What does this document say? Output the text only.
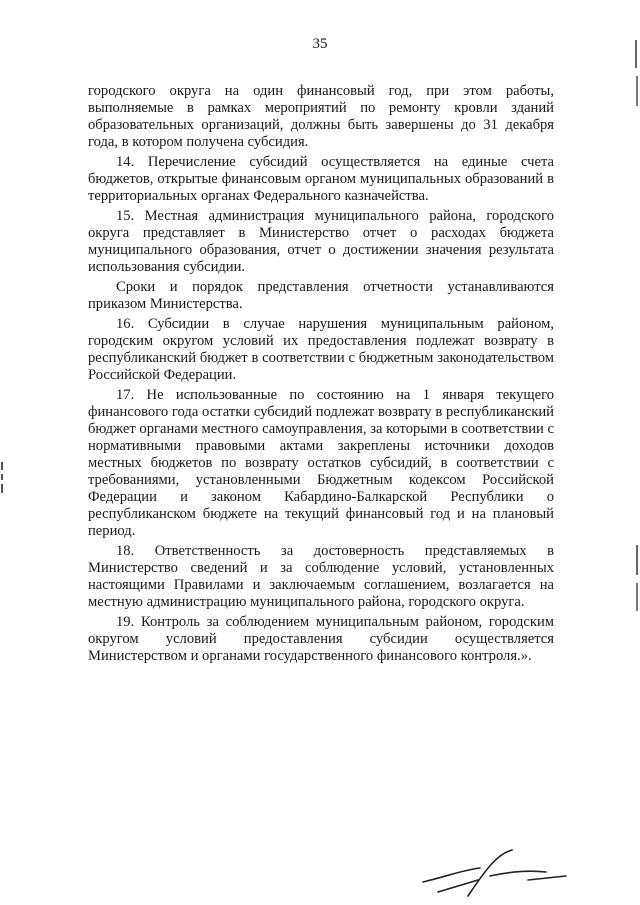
35

городского округа на один финансовый год, при этом работы, выполняемые в рамках мероприятий по ремонту кровли зданий образовательных организаций, должны быть завершены до 31 декабря года, в котором получена субсидия.

14. Перечисление субсидий осуществляется на единые счета бюджетов, открытые финансовым органом муниципальных образований в территориальных органах Федерального казначейства.

15. Местная администрация муниципального района, городского округа представляет в Министерство отчет о расходах бюджета муниципального образования, отчет о достижении значения результата использования субсидии.

Сроки и порядок представления отчетности устанавливаются приказом Министерства.

16. Субсидии в случае нарушения муниципальным районом, городским округом условий их предоставления подлежат возврату в республиканский бюджет в соответствии с бюджетным законодательством Российской Федерации.

17. Не использованные по состоянию на 1 января текущего финансового года остатки субсидий подлежат возврату в республиканский бюджет органами местного самоуправления, за которыми в соответствии с нормативными правовыми актами закреплены источники доходов местных бюджетов по возврату остатков субсидий, в соответствии с требованиями, установленными Бюджетным кодексом Российской Федерации и законом Кабардино-Балкарской Республики о республиканском бюджете на текущий финансовый год и на плановый период.

18. Ответственность за достоверность представляемых в Министерство сведений и за соблюдение условий, установленных настоящими Правилами и заключаемым соглашением, возлагается на местную администрацию муниципального района, городского округа.

19. Контроль за соблюдением муниципальным районом, городским округом условий предоставления субсидии осуществляется Министерством и органами государственного финансового контроля.».
